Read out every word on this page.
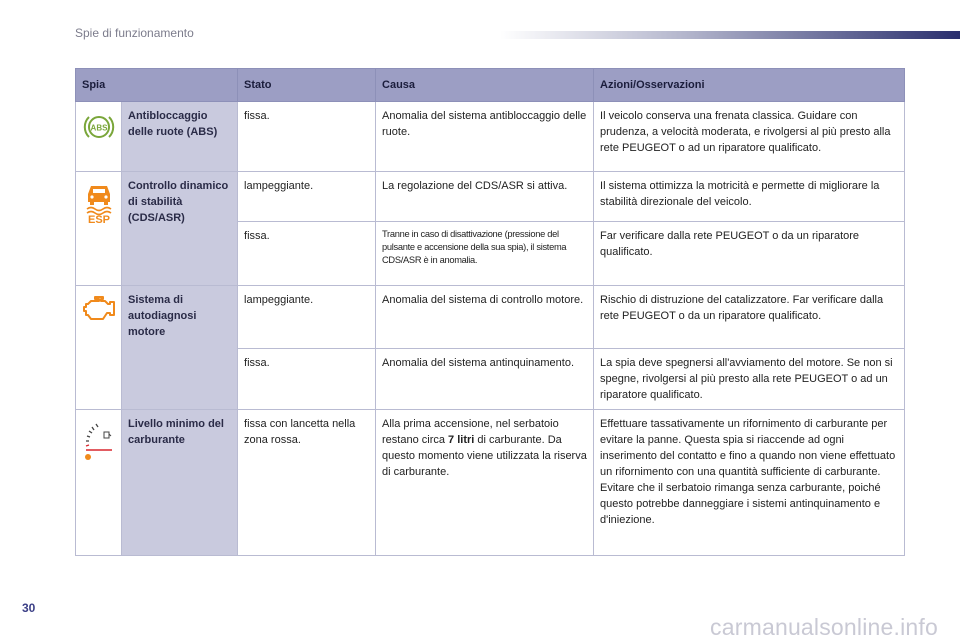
Spie di funzionamento
Spia		Stato	Causa	Azioni/Osservazioni

ABS	Antibloccaggio delle ruote (ABS)	fissa.	Anomalia del sistema antibloccaggio delle ruote.	Il veicolo conserva una frenata classica. Guidare con prudenza, a velocità moderata, e rivolgersi al più presto alla rete PEUGEOT o ad un riparatore qualificato.

ESP	Controllo dinamico di stabilità (CDS/ASR)	lampeggiante.	La regolazione del CDS/ASR si attiva.	Il sistema ottimizza la motricità e permette di migliorare la stabilità direzionale del veicolo.
		fissa.	Tranne in caso di disattivazione (pressione del pulsante e accensione della sua spia), il sistema CDS/ASR è in anomalia.	Far verificare dalla rete PEUGEOT o da un riparatore qualificato.
	Sistema di autodiagnosi motore	lampeggiante.	Anomalia del sistema di controllo motore.	Rischio di distruzione del catalizzatore. Far verificare dalla rete PEUGEOT o da un riparatore qualificato.
		fissa.	Anomalia del sistema antinquinamento.	La spia deve spegnersi all'avviamento del motore. Se non si spegne, rivolgersi al più presto alla rete PEUGEOT o ad un riparatore qualificato.
	Livello minimo del carburante	fissa con lancetta nella zona rossa.	Alla prima accensione, nel serbatoio restano circa 7 litri di carburante. Da questo momento viene utilizzata la riserva di carburante.	Effettuare tassativamente un rifornimento di carburante per evitare la panne. Questa spia si riaccende ad ogni inserimento del contatto e fino a quando non viene effettuato un rifornimento con una quantità sufficiente di carburante. Evitare che il serbatoio rimanga senza carburante, poiché questo potrebbe danneggiare i sistemi antinquinamento e d'iniezione.
30
carmanualsonline.info
